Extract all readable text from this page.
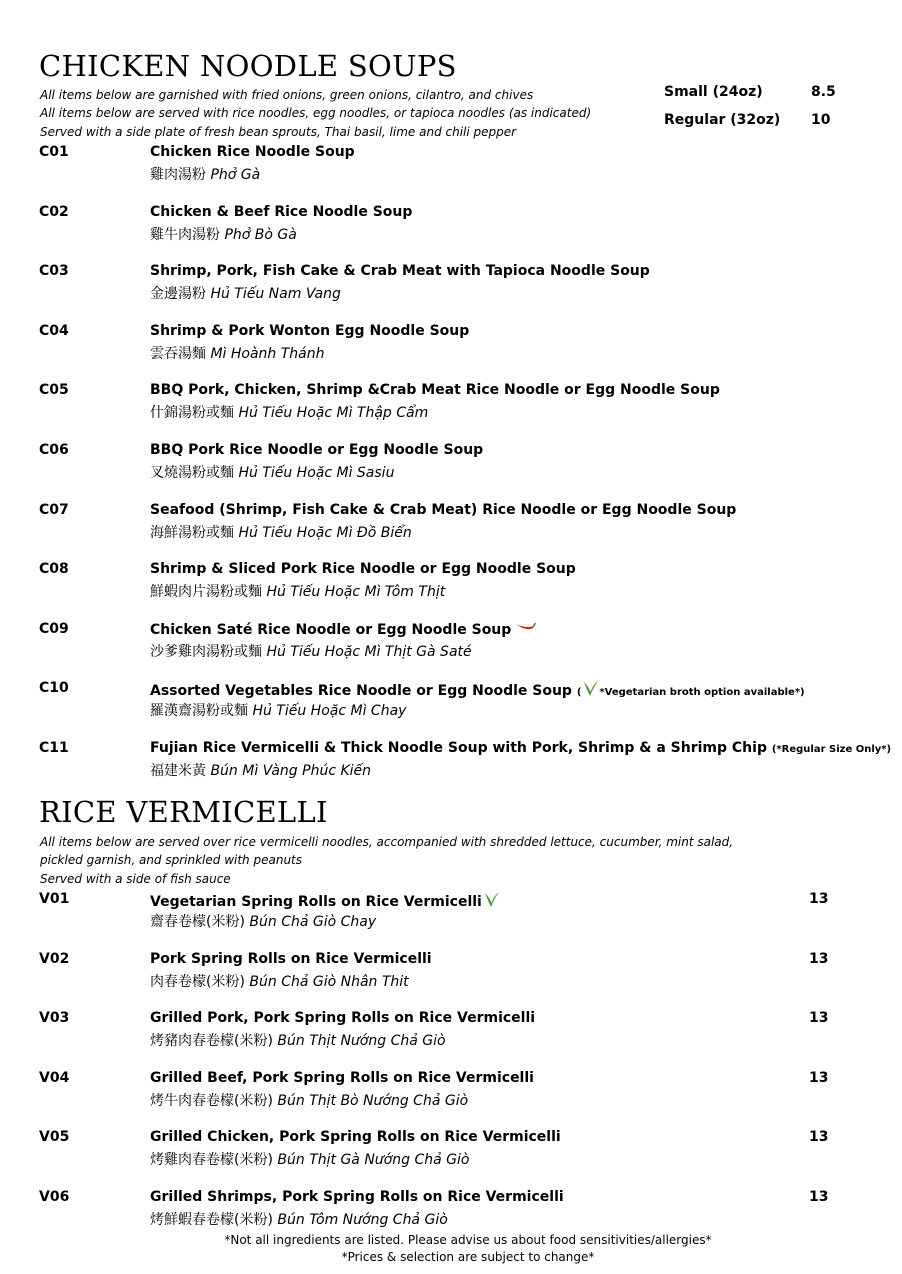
CHICKEN NOODLE SOUPS

All items below are garnished with fried onions, green onions, cilantro, and chives

All items below are served with rice noodles, egg noodles, or tapioca noodles (as indicated)

Served with a side plate of fresh bean sprouts, Thai basil, lime and chili pepper

Small (24oz)	8.5
Regular (32oz) 10
C01	Chicken Rice Noodle Soup
雞肉湯粉 Phở Gà
C02	Chicken & Beef Rice Noodle Soup
雞牛肉湯粉 Phở Bò Gà
C03	Shrimp, Pork, Fish Cake & Crab Meat with Tapioca Noodle Soup
金邊湯粉 Hủ Tiếu Nam Vang
C04	Shrimp & Pork Wonton Egg Noodle Soup
雲吞湯麵 Mì Hoành Thánh
C05	BBQ Pork, Chicken, Shrimp &Crab Meat Rice Noodle or Egg Noodle Soup
什錦湯粉或麵 Hủ Tiếu Hoặc Mì Thập Cẩm
C06	BBQ Pork Rice Noodle or Egg Noodle Soup
叉燒湯粉或麵 Hủ Tiếu Hoặc Mì Sasiu
C07	Seafood (Shrimp, Fish Cake & Crab Meat) Rice Noodle or Egg Noodle Soup
海鮮湯粉或麵 Hủ Tiếu Hoặc Mì Đồ Biển
C08	Shrimp & Sliced Pork Rice Noodle or Egg Noodle Soup
鮮蝦肉片湯粉或麵 Hủ Tiếu Hoặc Mì Tôm Thịt
C09	Chicken Saté Rice Noodle or Egg Noodle Soup
沙爹雞肉湯粉或麵 Hủ Tiếu Hoặc Mì Thịt Gà Saté
C10	Assorted Vegetables Rice Noodle or Egg Noodle Soup ( *Vegetarian broth option available*)
羅漢齋湯粉或麵 Hủ Tiếu Hoặc Mì Chay
C11	Fujian Rice Vermicelli & Thick Noodle Soup with Pork, Shrimp & a Shrimp Chip (*Regular Size Only*)
福建米黃 Bún Mì Vàng Phúc Kiến
RICE VERMICELLI

All items below are served over rice vermicelli noodles, accompanied with shredded lettuce, cucumber, mint salad,

pickled garnish, and sprinkled with peanuts

Served with a side of fish sauce

V01	Vegetarian Spring Rolls on Rice Vermicelli
齋春卷檬(米粉) Bún Chả Giò Chay
13
V02	Pork Spring Rolls on Rice Vermicelli
肉春卷檬(米粉) Bún Chả Giò Nhân Thit
13
V03	Grilled Pork, Pork Spring Rolls on Rice Vermicelli
烤豬肉春卷檬(米粉) Bún Thịt Nướng Chả Giò
13
V04	Grilled Beef, Pork Spring Rolls on Rice Vermicelli
烤牛肉春卷檬(米粉) Bún Thịt Bò Nướng Chả Giò
13
V05	Grilled Chicken, Pork Spring Rolls on Rice Vermicelli
烤雞肉春卷檬(米粉) Bún Thịt Gà Nướng Chả Giò
13
V06	Grilled Shrimps, Pork Spring Rolls on Rice Vermicelli
烤鮮蝦春卷檬(米粉) Bún Tôm Nướng Chả Giò
13
*Not all ingredients are listed. Please advise us about food sensitivities/allergies*
*Prices & selection are subject to change*
